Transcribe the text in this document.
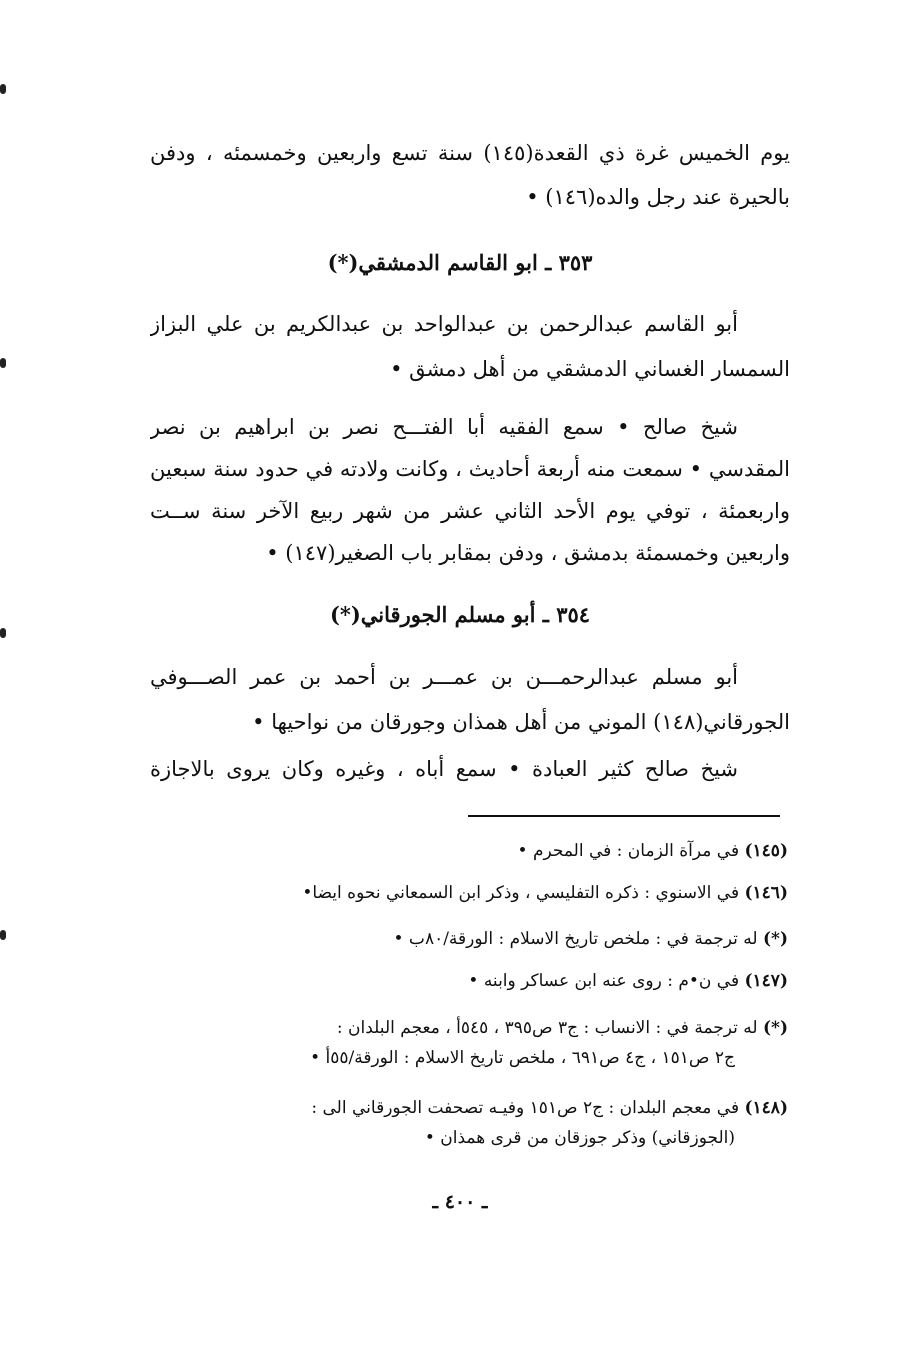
يوم الخميس غرة ذي القعدة(١٤٥) سنة تسع واربعين وخمسمئه ، ودفن
بالحيرة عند رجل والده(١٤٦) •
٣٥٣ ـ ابو القاسم الدمشقي(*)
أبو القاسم عبدالرحمن بن عبدالواحد بن عبدالكريم بن علي البزاز
السمسار الغساني الدمشقي من أهل دمشق •
شيخ صالح • سمع الفقيه أبا الفتـــح نصر بن ابراهيم بن نصر
المقدسي • سمعت منه أربعة أحاديث ، وكانت ولادته في حدود سنة سبعين
واربعمئة ، توفي يوم الأحد الثاني عشر من شهر ربيع الآخر سنة ســت
واربعين وخمسمئة بدمشق ، ودفن بمقابر باب الصغير(١٤٧) •
٣٥٤ ـ أبو مسلم الجورقاني(*)
أبو مسلم عبدالرحمـــن بن عمـــر بن أحمد بن عمر الصـــوفي
الجورقاني(١٤٨) الموني من أهل همذان وجورقان من نواحيها •
شيخ صالح كثير العبادة • سمع أباه ، وغيره وكان يروى بالاجازة
(١٤٥) في مرآة الزمان : في المحرم •
(١٤٦) في الاسنوي : ذكره التفليسي ، وذكر ابن السمعاني نحوه ايضا•
(*) له ترجمة في : ملخص تاريخ الاسلام : الورقة/٨٠ب •
(١٤٧) في ن•م : روى عنه ابن عساكر وابنه •
(*) له ترجمة في : الانساب : ج٣ ص٣٩٥ ، ٥٤٥أ ، معجم البلدان :
ج٢ ص١٥١ ، ج٤ ص٦٩١ ، ملخص تاريخ الاسلام : الورقة/٥٥أ •
(١٤٨) في معجم البلدان : ج٢ ص١٥١ وفيـه تصحفت الجورقاني الى :
(الجوزقاني) وذكر جوزقان من قرى همذان •
ـ ٤٠٠ ـ
